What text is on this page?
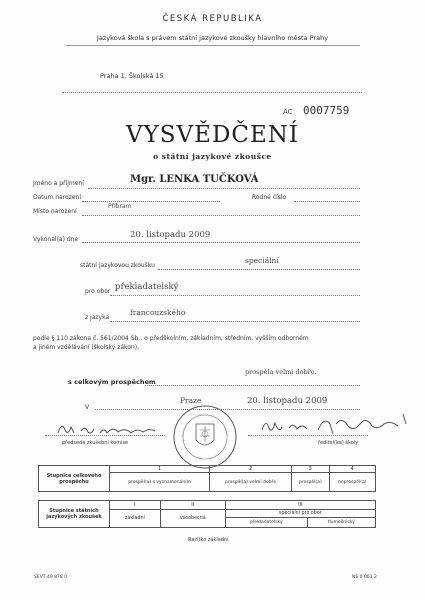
ČESKÁ REPUBLIKA
Jazyková škola s právem státní jazykové zkoušky hlavního města Prahy
Praha 1, Školská 15
AC 0007759
VYSVĚDČENÍ
o státní jazykové zkoušce
Jméno a příjmení	Mgr. LENKA TUČKOVÁ
Datum narození	Rodné číslo
Místo narození
Příbram
Vykonal(a) dne	20. listopadu 2009
státní jazykovou zkoušku
speciální
pro obor překladatelský
z jazyka
francouzského
podle § 110 zákona č. 561/2004 Sb., o předškolním, základním, středním, vyšším odborném
a jiném vzdělávání (školský zákon),
s celkovým prospěchem
prospěla velmi dobře.
V
Praze	20. listopadu 2009
předseda zkušební komise	ředitel(ka) školy
Stupnice celkového prospěchu	1	2	3	4
	prospěl(a) s vyznamenáním	prospěl(a) velmi dobře	prospěl(a)	neprospěl(a)
Stupnice státních jazykových zkoušek	I	II	III	
	základní	všeobecná	speciální pro obor	
			překladatelský	tlumočnický
Razítko základní
SEVT 49 878 0	NS 0 003 2
